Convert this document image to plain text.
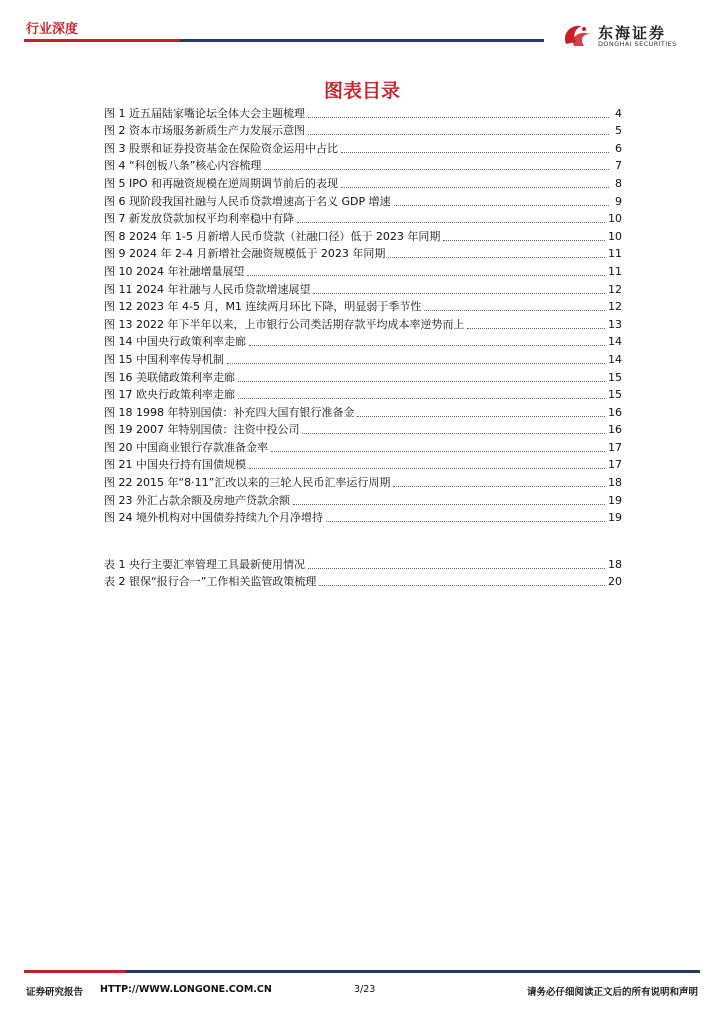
行业深度	东海证券
DONGHAI SECURITIES
图表目录
图 1 近五届陆家嘴论坛全体大会主题梳理	4
图 2 资本市场服务新质生产力发展示意图	5
图 3 股票和证券投资基金在保险资金运用中占比	6
图 4 “科创板八条”核心内容梳理	7
图 5 IPO 和再融资规模在逆周期调节前后的表现	8
图 6 现阶段我国社融与人民币贷款增速高于名义 GDP 增速	9
图 7 新发放贷款加权平均利率稳中有降	10
图 8 2024 年 1-5 月新增人民币贷款（社融口径）低于 2023 年同期	10
图 9 2024 年 2-4 月新增社会融资规模低于 2023 年同期	11
图 10 2024 年社融增量展望	11
图 11 2024 年社融与人民币贷款增速展望	12
图 12 2023 年 4-5 月，M1 连续两月环比下降，明显弱于季节性	12
图 13 2022 年下半年以来，上市银行公司类活期存款平均成本率逆势而上	13
图 14 中国央行政策利率走廊	14
图 15 中国利率传导机制	14
图 16 美联储政策利率走廊	15
图 17 欧央行政策利率走廊	15
图 18 1998 年特别国债：补充四大国有银行准备金	16
图 19 2007 年特别国债：注资中投公司	16
图 20 中国商业银行存款准备金率	17
图 21 中国央行持有国债规模	17
图 22 2015 年“8·11”汇改以来的三轮人民币汇率运行周期	18
图 23 外汇占款余额及房地产贷款余额	19
图 24 境外机构对中国债券持续九个月净增持	19
表 1 央行主要汇率管理工具最新使用情况	18
表 2 银保“报行合一”工作相关监管政策梳理	20
证券研究报告 HTTP://WWW.LONGONE.COM.CN	3/23	请务必仔细阅读正文后的所有说明和声明
